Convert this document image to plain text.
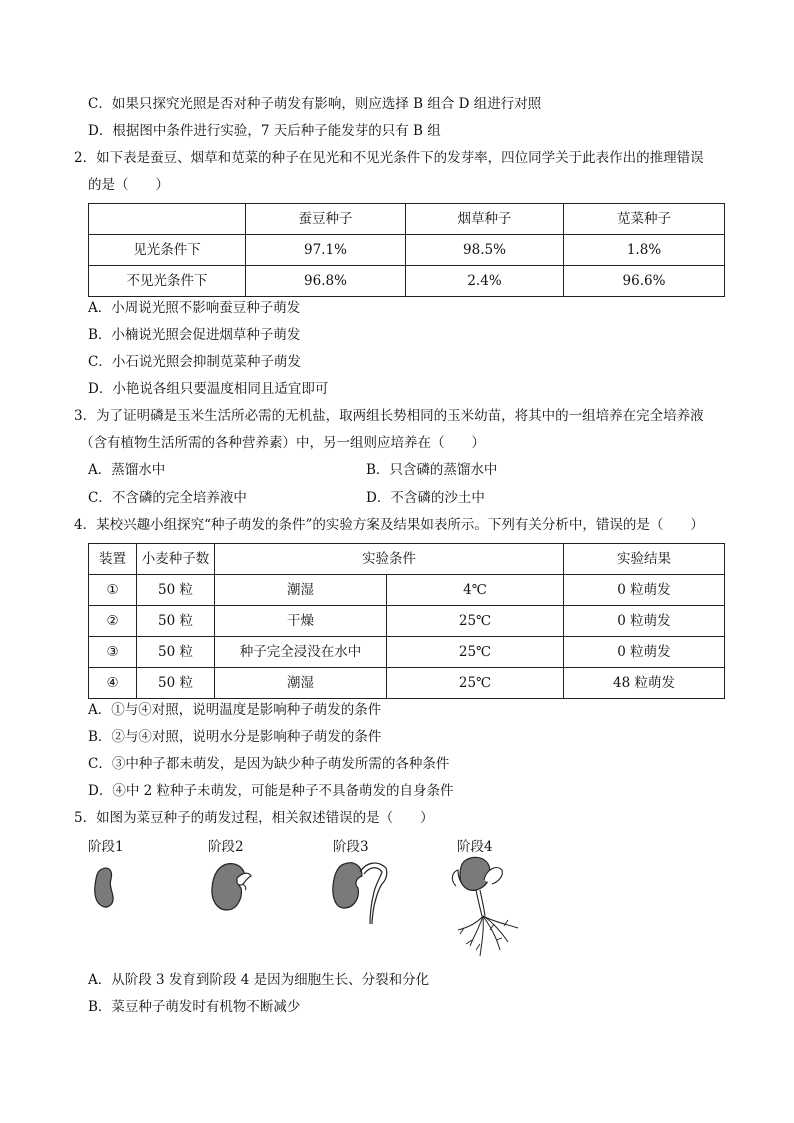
C．如果只探究光照是否对种子萌发有影响，则应选择 B 组合 D 组进行对照
D．根据图中条件进行实验，7 天后种子能发芽的只有 B 组
2．如下表是蚕豆、烟草和苋菜的种子在见光和不见光条件下的发芽率，四位同学关于此表作出的推理错误
的是（　　）
	蚕豆种子	烟草种子	苋菜种子
见光条件下	97.1%	98.5%	1.8%
不见光条件下	96.8%	2.4%	96.6%
A．小周说光照不影响蚕豆种子萌发
B．小楠说光照会促进烟草种子萌发
C．小石说光照会抑制苋菜种子萌发
D．小艳说各组只要温度相同且适宜即可
3．为了证明磷是玉米生活所必需的无机盐，取两组长势相同的玉米幼苗，将其中的一组培养在完全培养液
（含有植物生活所需的各种营养素）中，另一组则应培养在（　　）
A．蒸馏水中	B．只含磷的蒸馏水中
C．不含磷的完全培养液中	D．不含磷的沙土中
4．某校兴趣小组探究“种子萌发的条件”的实验方案及结果如表所示。下列有关分析中，错误的是（　　）
装置	小麦种子数	实验条件		实验结果
①	50 粒	潮湿	4℃	0 粒萌发
②	50 粒	干燥	25℃	0 粒萌发
③	50 粒	种子完全浸没在水中	25℃	0 粒萌发
④	50 粒	潮湿	25℃	48 粒萌发
A．①与④对照，说明温度是影响种子萌发的条件
B．②与④对照，说明水分是影响种子萌发的条件
C．③中种子都未萌发，是因为缺少种子萌发所需的各种条件
D．④中 2 粒种子未萌发，可能是种子不具备萌发的自身条件
5．如图为菜豆种子的萌发过程，相关叙述错误的是（　　）
阶段1	阶段2	阶段3	阶段4
A．从阶段 3 发育到阶段 4 是因为细胞生长、分裂和分化
B．菜豆种子萌发时有机物不断减少
